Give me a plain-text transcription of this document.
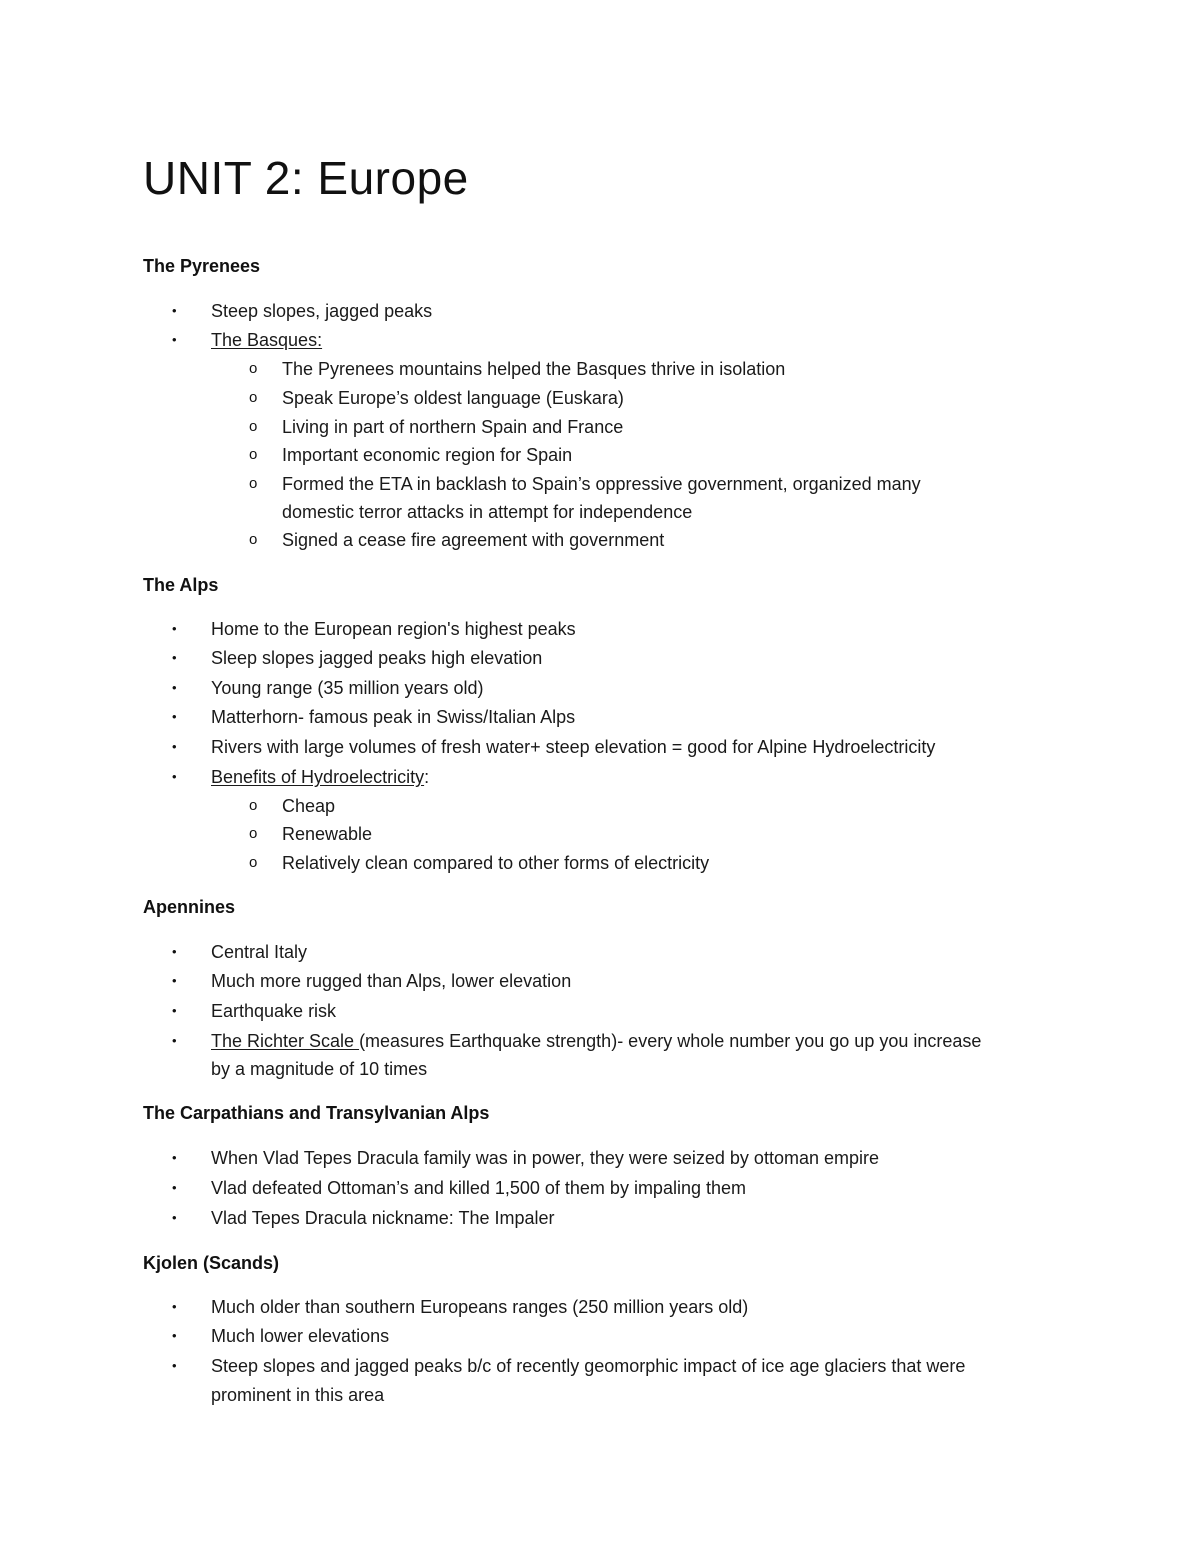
UNIT 2: Europe
The Pyrenees
• Steep slopes, jagged peaks
• The Basques:
o The Pyrenees mountains helped the Basques thrive in isolation
o Speak Europe’s oldest language (Euskara)
o Living in part of northern Spain and France
o Important economic region for Spain
o Formed the ETA in backlash to Spain’s oppressive government, organized many
domestic terror attacks in attempt for independence
o Signed a cease fire agreement with government
The Alps
• Home to the European region's highest peaks
• Sleep slopes jagged peaks high elevation
• Young range (35 million years old)
• Matterhorn- famous peak in Swiss/Italian Alps
• Rivers with large volumes of fresh water+ steep elevation = good for Alpine Hydroelectricity
• Benefits of Hydroelectricity:
o Cheap
o Renewable
o Relatively clean compared to other forms of electricity
Apennines
• Central Italy
• Much more rugged than Alps, lower elevation
• Earthquake risk
• The Richter Scale (measures Earthquake strength)- every whole number you go up you increase
by a magnitude of 10 times
The Carpathians and Transylvanian Alps
• When Vlad Tepes Dracula family was in power, they were seized by ottoman empire
• Vlad defeated Ottoman’s and killed 1,500 of them by impaling them
• Vlad Tepes Dracula nickname: The Impaler
Kjolen (Scands)
• Much older than southern Europeans ranges (250 million years old)
• Much lower elevations
• Steep slopes and jagged peaks b/c of recently geomorphic impact of ice age glaciers that were
prominent in this area
